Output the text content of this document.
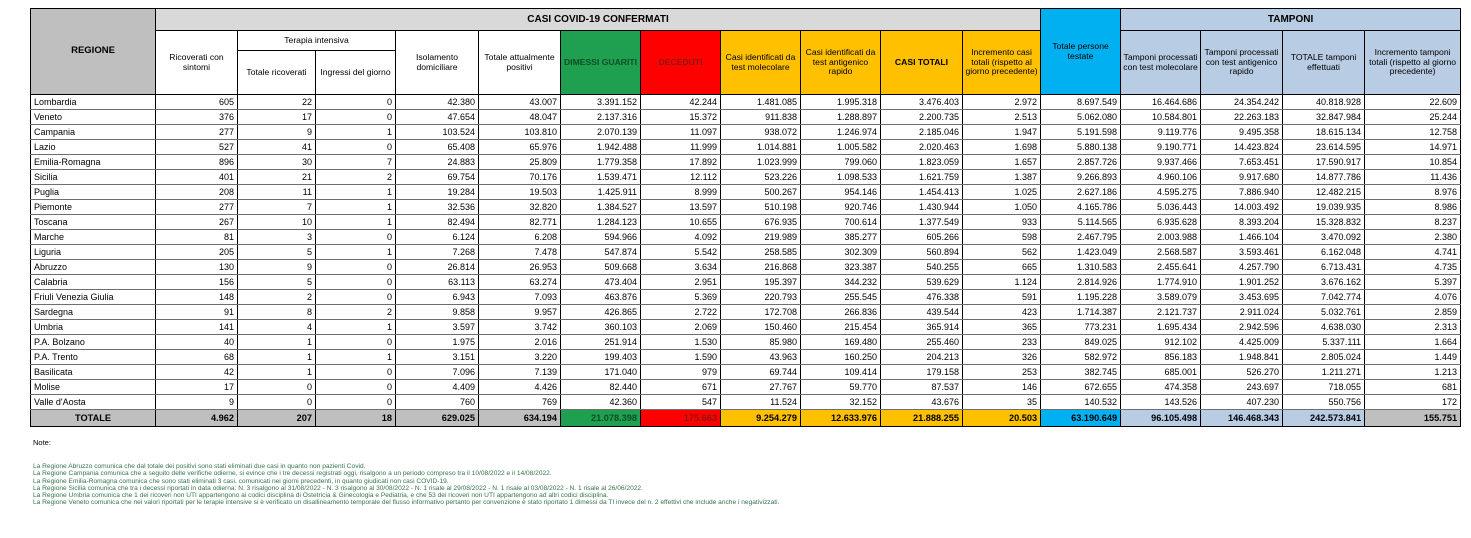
REGIONE	CASI COVID-19 CONFERMATI											Totale persone testate	TAMPONI			
	Ricoverati con sintomi	Terapia intensiva		Isolamento domiciliare	Totale attualmente positivi	DIMESSI GUARITI	DECEDUTI	Casi identificati da test molecolare	Casi identificati da test antigenico rapido	CASI TOTALI	Incremento casi totali (rispetto al giorno precedente)		Tamponi processati con test molecolare	Tamponi processati con test antigenico rapido	TOTALE tamponi effettuati	Incremento tamponi totali (rispetto al giorno precedente)
		Totale ricoverati	Ingressi del giorno													
Lombardia	605	22	0	42.380	43.007	3.391.152	42.244	1.481.085	1.995.318	3.476.403	2.972	8.697.549	16.464.686	24.354.242	40.818.928	22.609
Veneto	376	17	0	47.654	48.047	2.137.316	15.372	911.838	1.288.897	2.200.735	2.513	5.062.080	10.584.801	22.263.183	32.847.984	25.244
Campania	277	9	1	103.524	103.810	2.070.139	11.097	938.072	1.246.974	2.185.046	1.947	5.191.598	9.119.776	9.495.358	18.615.134	12.758
Lazio	527	41	0	65.408	65.976	1.942.488	11.999	1.014.881	1.005.582	2.020.463	1.698	5.880.138	9.190.771	14.423.824	23.614.595	14.971
Emilia-Romagna	896	30	7	24.883	25.809	1.779.358	17.892	1.023.999	799.060	1.823.059	1.657	2.857.726	9.937.466	7.653.451	17.590.917	10.854
Sicilia	401	21	2	69.754	70.176	1.539.471	12.112	523.226	1.098.533	1.621.759	1.387	9.266.893	4.960.106	9.917.680	14.877.786	11.436
Puglia	208	11	1	19.284	19.503	1.425.911	8.999	500.267	954.146	1.454.413	1.025	2.627.186	4.595.275	7.886.940	12.482.215	8.976
Piemonte	277	7	1	32.536	32.820	1.384.527	13.597	510.198	920.746	1.430.944	1.050	4.165.786	5.036.443	14.003.492	19.039.935	8.986
Toscana	267	10	1	82.494	82.771	1.284.123	10.655	676.935	700.614	1.377.549	933	5.114.565	6.935.628	8.393.204	15.328.832	8.237
Marche	81	3	0	6.124	6.208	594.966	4.092	219.989	385.277	605.266	598	2.467.795	2.003.988	1.466.104	3.470.092	2.380
Liguria	205	5	1	7.268	7.478	547.874	5.542	258.585	302.309	560.894	562	1.423.049	2.568.587	3.593.461	6.162.048	4.741
Abruzzo	130	9	0	26.814	26.953	509.668	3.634	216.868	323.387	540.255	665	1.310.583	2.455.641	4.257.790	6.713.431	4.735
Calabria	156	5	0	63.113	63.274	473.404	2.951	195.397	344.232	539.629	1.124	2.814.926	1.774.910	1.901.252	3.676.162	5.397
Friuli Venezia Giulia	148	2	0	6.943	7.093	463.876	5.369	220.793	255.545	476.338	591	1.195.228	3.589.079	3.453.695	7.042.774	4.076
Sardegna	91	8	2	9.858	9.957	426.865	2.722	172.708	266.836	439.544	423	1.714.387	2.121.737	2.911.024	5.032.761	2.859
Umbria	141	4	1	3.597	3.742	360.103	2.069	150.460	215.454	365.914	365	773.231	1.695.434	2.942.596	4.638.030	2.313
P.A. Bolzano	40	1	0	1.975	2.016	251.914	1.530	85.980	169.480	255.460	233	849.025	912.102	4.425.009	5.337.111	1.664
P.A. Trento	68	1	1	3.151	3.220	199.403	1.590	43.963	160.250	204.213	326	582.972	856.183	1.948.841	2.805.024	1.449
Basilicata	42	1	0	7.096	7.139	171.040	979	69.744	109.414	179.158	253	382.745	685.001	526.270	1.211.271	1.213
Molise	17	0	0	4.409	4.426	82.440	671	27.767	59.770	87.537	146	672.655	474.358	243.697	718.055	681
Valle d'Aosta	9	0	0	760	769	42.360	547	11.524	32.152	43.676	35	140.532	143.526	407.230	550.756	172
TOTALE	4.962	207	18	629.025	634.194	21.078.398	175.663	9.254.279	12.633.976	21.888.255	20.503	63.190.649	96.105.498	146.468.343	242.573.841	155.751
Note:
La Regione Abruzzo comunica che dal totale dei positivi sono stati eliminati due casi in quanto non pazienti Covid.
La Regione Campania comunica che a seguito delle verifiche odierne, si evince che i tre decessi registrati oggi, risalgono a un periodo compreso tra il 10/08/2022 e il 14/08/2022.
La Regione Emilia-Romagna comunica che sono stati eliminati 3 casi, comunicati nei giorni precedenti, in quanto giudicati non casi COVID-19.
La Regione Sicilia comunica che tra i decessi riportati in data odierna: N. 3 risalgono al 31/08/2022 - N. 3 risalgono al 30/08/2022 - N. 1 risale al 29/08/2022 - N. 1 risale al 03/08/2022 - N. 1 risale al 26/06/2022.
La Regione Umbria comunica che 1 dei ricoveri non UTI appartengono ai codici disciplina di Ostetricia & Ginecologia e Pediatria, e che 53 dei ricoveri non UTI appartengono ad altri codici disciplina.
La Regione Veneto comunica che nei valori riportati per le terapie intensive si è verificato un disallineamento temporale del flusso informativo pertanto per convenzione è stato riportato 1 dimessi da TI invece del n. 2 effettivi che include anche i negativizzati.
